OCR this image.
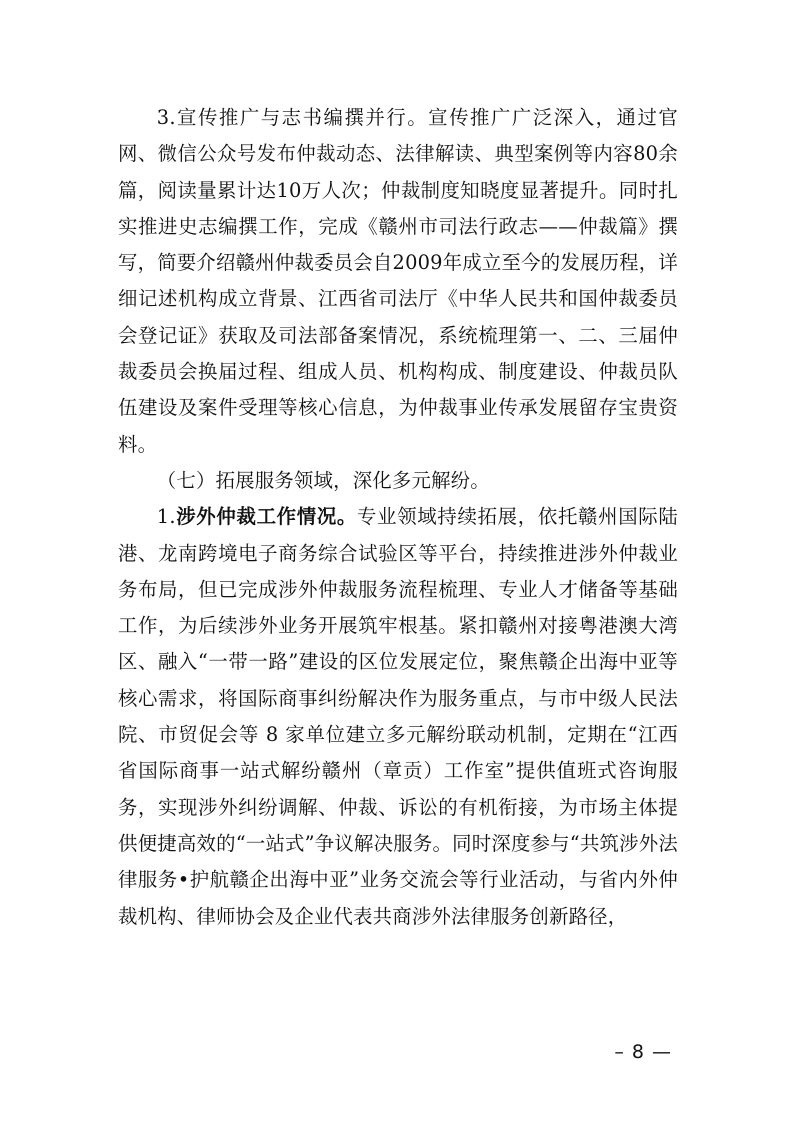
3.宣传推广与志书编撰并行。宣传推广广泛深入，通过官网、微信公众号发布仲裁动态、法律解读、典型案例等内容80余篇，阅读量累计达10万人次；仲裁制度知晓度显著提升。同时扎实推进史志编撰工作，完成《赣州市司法行政志——仲裁篇》撰写，简要介绍赣州仲裁委员会自2009年成立至今的发展历程，详细记述机构成立背景、江西省司法厅《中华人民共和国仲裁委员会登记证》获取及司法部备案情况，系统梳理第一、二、三届仲裁委员会换届过程、组成人员、机构构成、制度建设、仲裁员队伍建设及案件受理等核心信息，为仲裁事业传承发展留存宝贵资料。

（七）拓展服务领域，深化多元解纷。

1.涉外仲裁工作情况。专业领域持续拓展，依托赣州国际陆港、龙南跨境电子商务综合试验区等平台，持续推进涉外仲裁业务布局，但已完成涉外仲裁服务流程梳理、专业人才储备等基础工作，为后续涉外业务开展筑牢根基。紧扣赣州对接粤港澳大湾区、融入“一带一路”建设的区位发展定位，聚焦赣企出海中亚等核心需求，将国际商事纠纷解决作为服务重点，与市中级人民法院、市贸促会等 8 家单位建立多元解纷联动机制，定期在“江西省国际商事一站式解纷赣州（章贡）工作室”提供值班式咨询服务，实现涉外纠纷调解、仲裁、诉讼的有机衔接，为市场主体提供便捷高效的“一站式”争议解决服务。同时深度参与“共筑涉外法律服务•护航赣企出海中亚”业务交流会等行业活动，与省内外仲裁机构、律师协会及企业代表共商涉外法律服务创新路径，

– 8 —
